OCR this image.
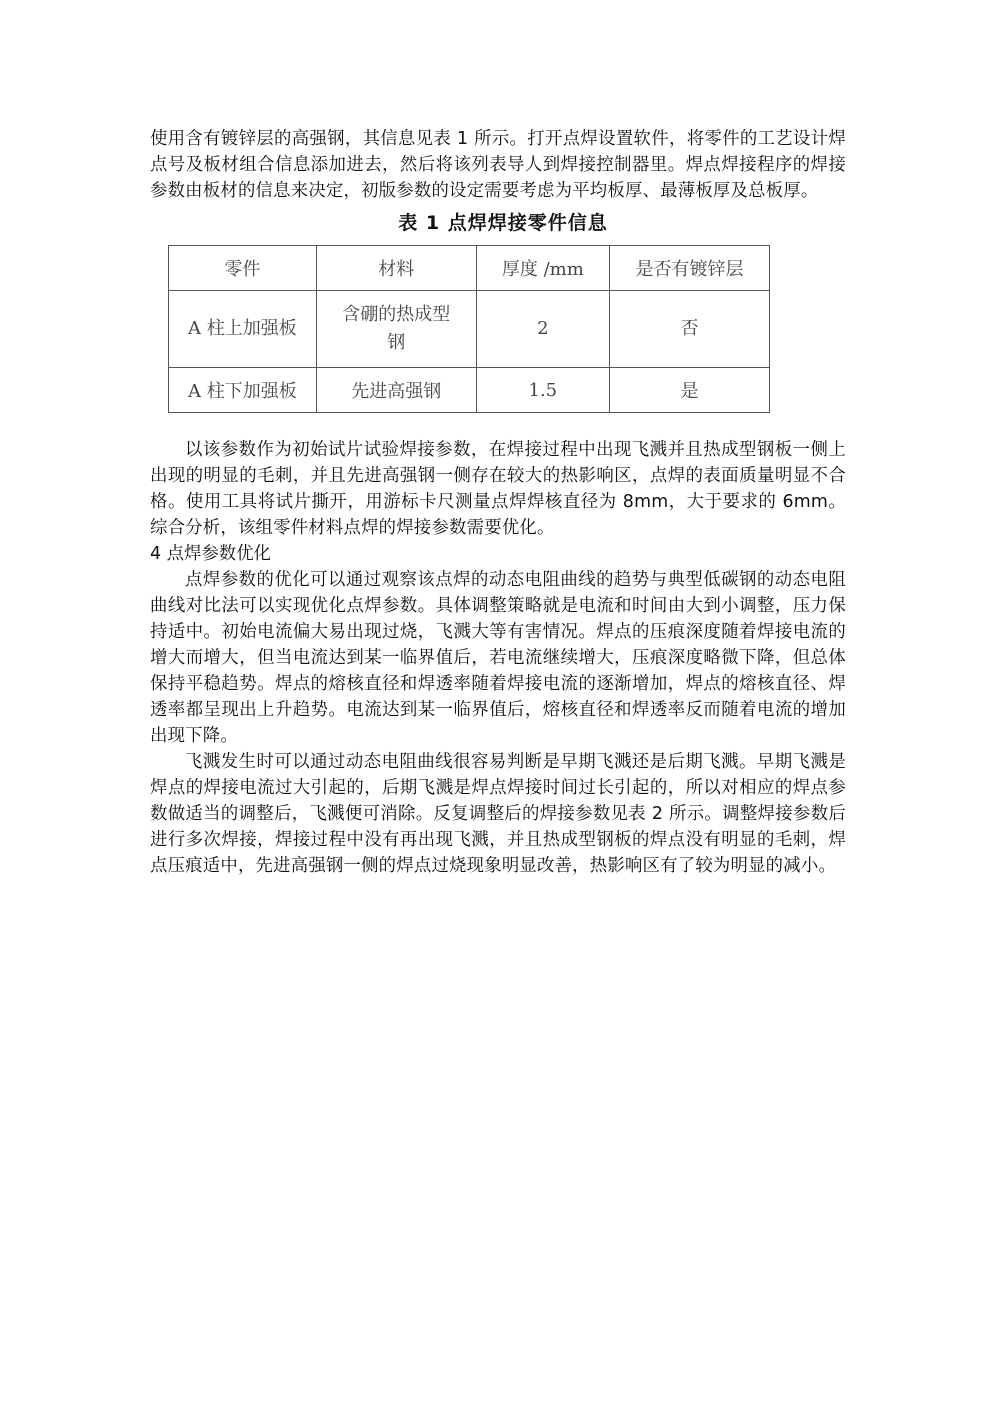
使用含有镀锌层的高强钢，其信息见表 1 所示。打开点焊设置软件，将零件的工艺设计焊点号及板材组合信息添加进去，然后将该列表导人到焊接控制器里。焊点焊接程序的焊接参数由板材的信息来决定，初版参数的设定需要考虑为平均板厚、最薄板厚及总板厚。

表 1 点焊焊接零件信息
零件	材料	厚度 /mm	是否有镀锌层
A 柱上加强板	含硼的热成型钢	2	否
A 柱下加强板	先进高强钢	1.5	是

以该参数作为初始试片试验焊接参数，在焊接过程中出现飞溅并且热成型钢板一侧上出现的明显的毛刺，并且先进高强钢一侧存在较大的热影响区，点焊的表面质量明显不合格。使用工具将试片撕开，用游标卡尺测量点焊焊核直径为 8mm，大于要求的 6mm。综合分析，该组零件材料点焊的焊接参数需要优化。

4 点焊参数优化

点焊参数的优化可以通过观察该点焊的动态电阻曲线的趋势与典型低碳钢的动态电阻曲线对比法可以实现优化点焊参数。具体调整策略就是电流和时间由大到小调整，压力保持适中。初始电流偏大易出现过烧，飞溅大等有害情况。焊点的压痕深度随着焊接电流的增大而增大，但当电流达到某一临界值后，若电流继续增大，压痕深度略微下降，但总体保持平稳趋势。焊点的熔核直径和焊透率随着焊接电流的逐渐增加，焊点的熔核直径、焊透率都呈现出上升趋势。电流达到某一临界值后，熔核直径和焊透率反而随着电流的增加出现下降。

飞溅发生时可以通过动态电阻曲线很容易判断是早期飞溅还是后期飞溅。早期飞溅是焊点的焊接电流过大引起的，后期飞溅是焊点焊接时间过长引起的，所以对相应的焊点参数做适当的调整后，飞溅便可消除。反复调整后的焊接参数见表 2 所示。调整焊接参数后进行多次焊接，焊接过程中没有再出现飞溅，并且热成型钢板的焊点没有明显的毛刺，焊点压痕适中，先进高强钢一侧的焊点过烧现象明显改善，热影响区有了较为明显的减小。
